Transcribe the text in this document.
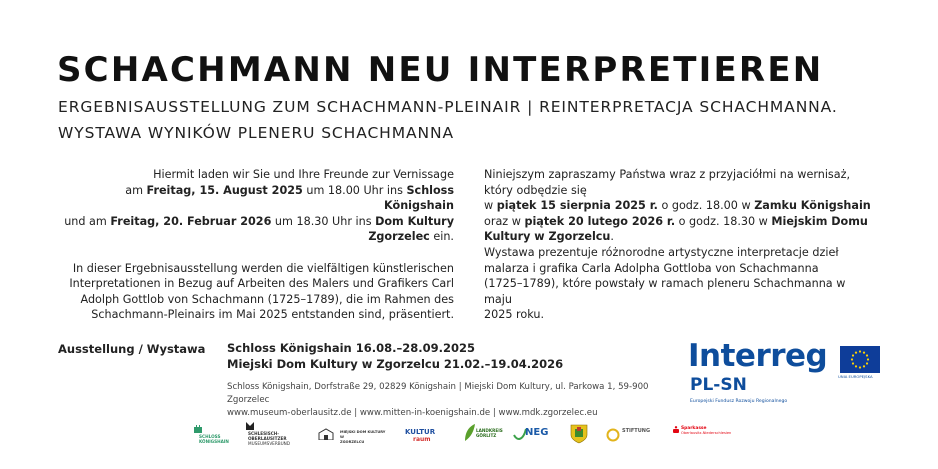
SCHACHMANN NEU INTERPRETIEREN
ERGEBNISAUSSTELLUNG ZUM SCHACHMANN-PLEINAIR | REINTERPRETACJA SCHACHMANNA.
WYSTAWA WYNIKÓW PLENERU SCHACHMANNA

Hiermit laden wir Sie und Ihre Freunde zur Vernissage

am Freitag, 15. August 2025 um 18.00 Uhr ins Schloss Königshain

und am Freitag, 20. Februar 2026 um 18.30 Uhr ins Dom Kultury

Zgorzelec ein.

In dieser Ergebnisausstellung werden die vielfältigen künstlerischen

Interpretationen in Bezug auf Arbeiten des Malers und Grafikers Carl

Adolph Gottlob von Schachmann (1725–1789), die im Rahmen des

Schachmann-Pleinairs im Mai 2025 entstanden sind, präsentiert.

Niniejszym zapraszamy Państwa wraz z przyjaciółmi na wernisaż,

który odbędzie się

w piątek 15 sierpnia 2025 r. o godz. 18.00 w Zamku Königshain

oraz w piątek 20 lutego 2026 r. o godz. 18.30 w Miejskim Domu

Kultury w Zgorzelcu.

Wystawa prezentuje różnorodne artystyczne interpretacje dzieł

malarza i grafika Carla Adolpha Gottloba von Schachmanna

(1725–1789), które powstały w ramach pleneru Schachmanna w maju

2025 roku.

Ausstellung / Wystawa Schloss Königshain 16.08.–28.09.2025
Miejski Dom Kultury w Zgorzelcu 21.02.–19.04.2026
Schloss Königshain, Dorfstraße 29, 02829 Königshain | Miejski Dom Kultury, ul. Parkowa 1, 59-900 Zgorzelec
www.museum-oberlausitz.de | www.mitten-in-koenigshain.de | www.mdk.zgorzelec.eu
Interreg
PL-SN
Europejski Fundusz Rozwoju Regionalnego
UNIA EUROPEJSKA
SCHLOSS
KÖNIGSHAIN
SCHLESISCH-
OBERLAUSITZER
MUSEUMSVERBUND
MIEJSKI DOM KULTURY
W ZGORZELCU
KULTUR
raum
LANDKREIS
GÖRLITZ	NEG	STIFTUNG	Sparkasse
Oberlausitz-Niederschlesien
